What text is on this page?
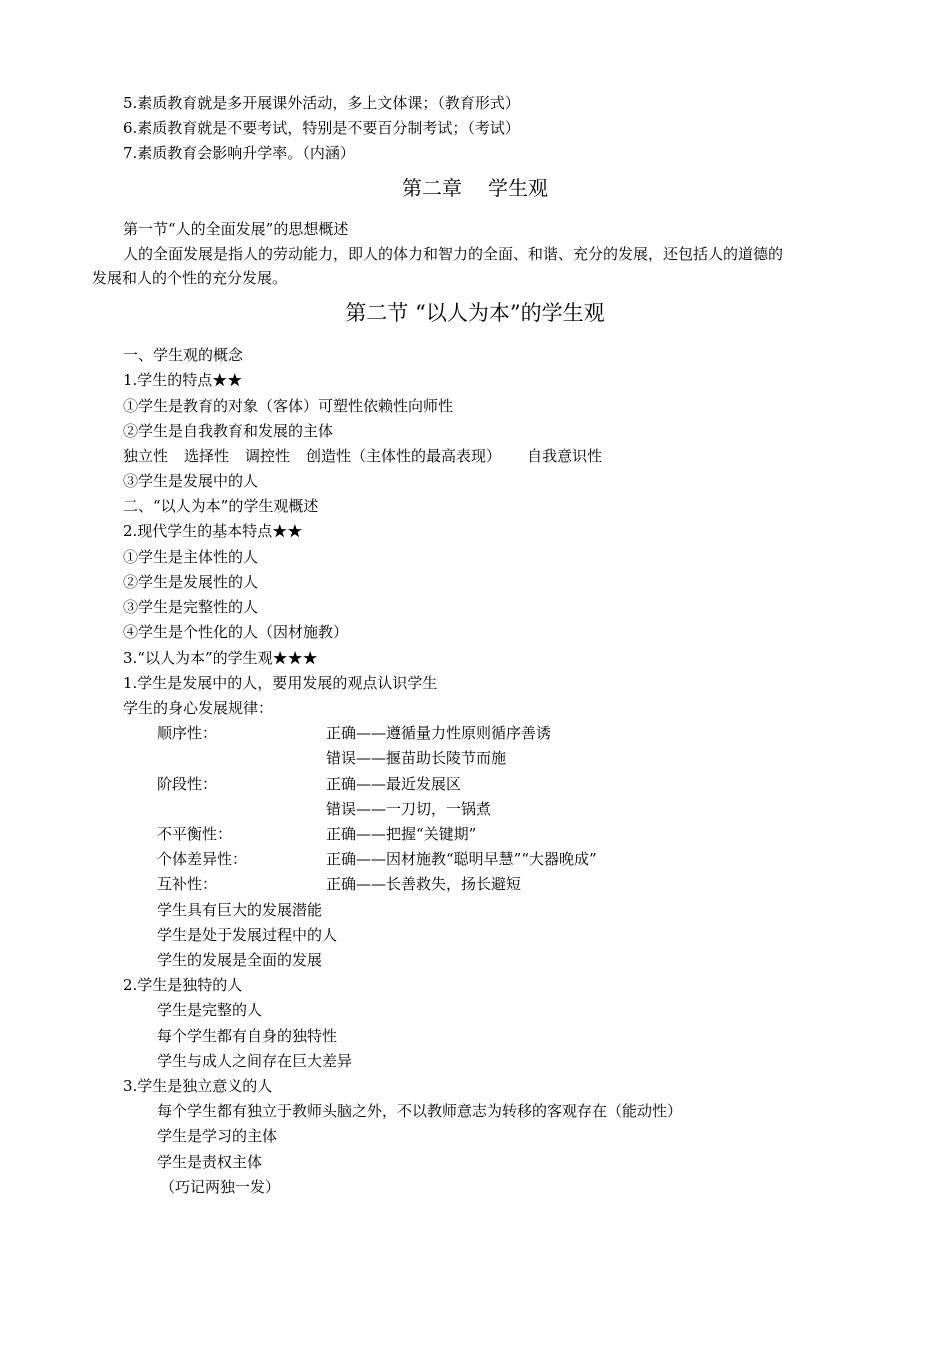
5.素质教育就是多开展课外活动，多上文体课；（教育形式）
6.素质教育就是不要考试，特别是不要百分制考试；（考试）
7.素质教育会影响升学率。（内涵）
第二章 学生观
第一节“人的全面发展”的思想概述
人的全面发展是指人的劳动能力，即人的体力和智力的全面、和谐、充分的发展，还包括人的道德的
发展和人的个性的充分发展。
第二节 “以人为本”的学生观
一、学生观的概念
1.学生的特点★★
①学生是教育的对象（客体）可塑性依赖性向师性
②学生是自我教育和发展的主体
独立性 选择性 调控性 创造性（主体性的最高表现） 自我意识性
③学生是发展中的人
二、“以人为本”的学生观概述
2.现代学生的基本特点★★
①学生是主体性的人
②学生是发展性的人
③学生是完整性的人
④学生是个性化的人（因材施教）
3.“以人为本”的学生观★★★
1.学生是发展中的人，要用发展的观点认识学生
学生的身心发展规律：
顺序性：	正确——遵循量力性原则循序善诱
错误——揠苗助长陵节而施
阶段性：	正确——最近发展区
错误——一刀切，一锅煮
不平衡性：	正确——把握“关键期”
个体差异性：	正确——因材施教“聪明早慧”“大器晚成”
互补性：	正确——长善救失，扬长避短
学生具有巨大的发展潜能
学生是处于发展过程中的人
学生的发展是全面的发展
2.学生是独特的人
学生是完整的人
每个学生都有自身的独特性
学生与成人之间存在巨大差异
3.学生是独立意义的人
每个学生都有独立于教师头脑之外，不以教师意志为转移的客观存在（能动性）
学生是学习的主体
学生是责权主体
（巧记两独一发）
